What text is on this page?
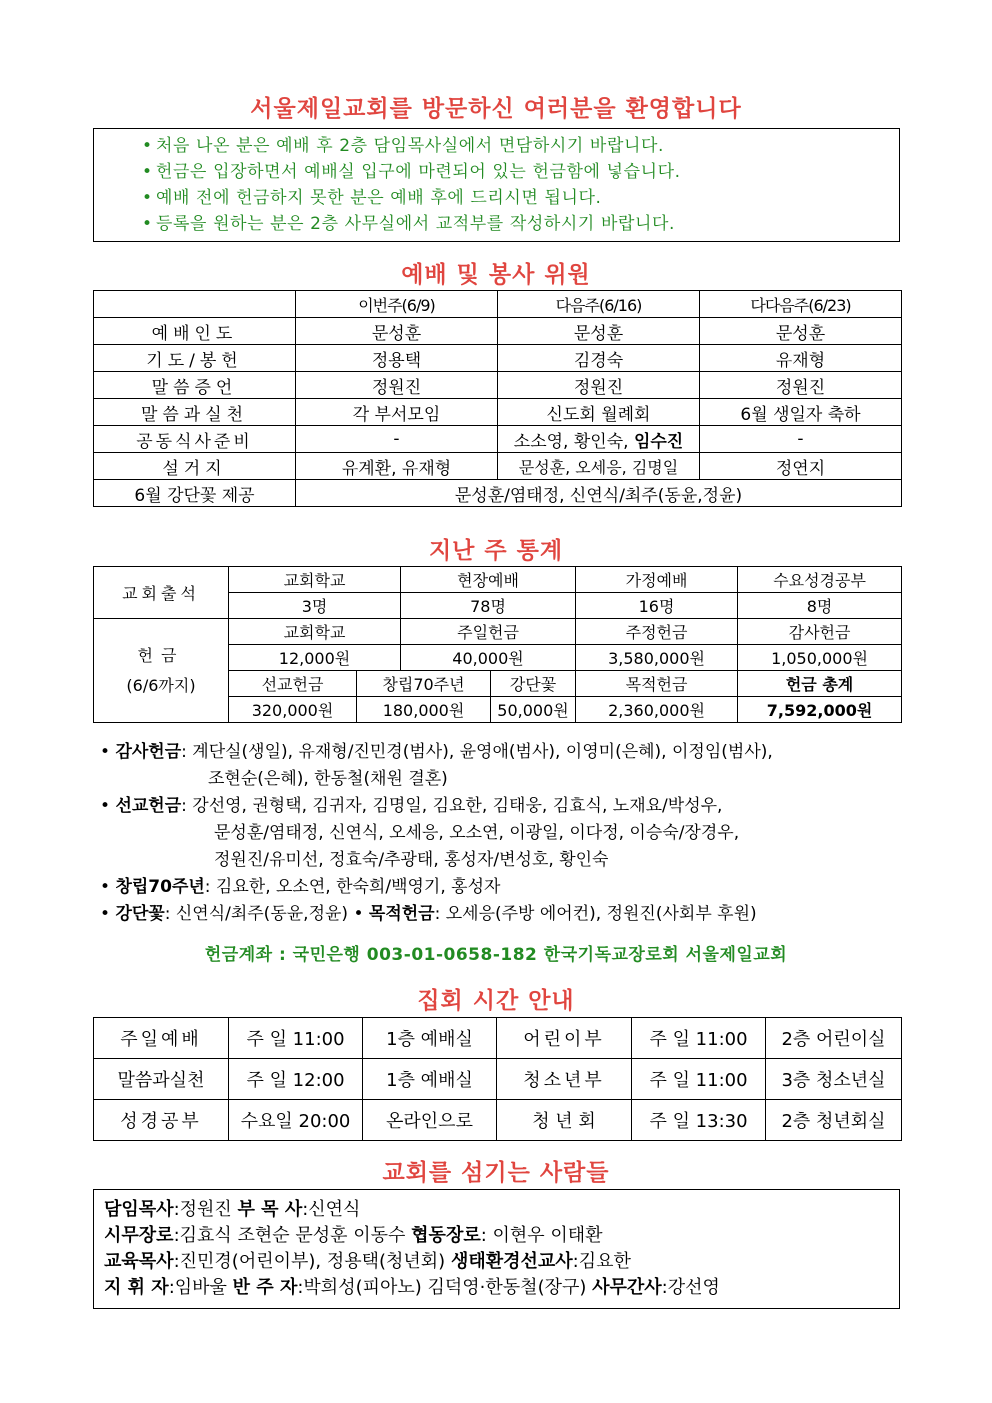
서울제일교회를 방문하신 여러분을 환영합니다
• 처음 나온 분은 예배 후 2층 담임목사실에서 면담하시기 바랍니다.
• 헌금은 입장하면서 예배실 입구에 마련되어 있는 헌금함에 넣습니다.
• 예배 전에 헌금하지 못한 분은 예배 후에 드리시면 됩니다.
• 등록을 원하는 분은 2층 사무실에서 교적부를 작성하시기 바랍니다.
예배 및 봉사 위원
	이번주(6/9)	다음주(6/16)	다다음주(6/23)
예배인도	문성훈	문성훈	문성훈
기도/봉헌	정용택	김경숙	유재형
말씀증언	정원진	정원진	정원진
말씀과실천	각 부서모임	신도회 월례회	6월 생일자 축하
공동식사준비	-	소소영, 황인숙, 임수진	-
설거지	유계환, 유재형	문성훈, 오세응, 김명일	정연지
6월 강단꽃 제공	문성훈/염태정, 신연식/최주(동윤,정윤)		
지난 주 통계
교회출석	교회학교		현장예배		가정예배	수요성경공부
	3명		78명		16명	8명

헌금
(6/6까지)	교회학교		주일헌금		주정헌금	감사헌금
	12,000원		40,000원		3,580,000원	1,050,000원
	선교헌금	창립70주년		강단꽃	목적헌금	헌금 총계
	320,000원	180,000원		50,000원	2,360,000원	7,592,000원
• 감사헌금: 계단실(생일), 유재형/진민경(범사), 윤영애(범사), 이영미(은혜), 이정임(범사),
조현순(은혜), 한동철(채원 결혼)
• 선교헌금: 강선영, 권형택, 김귀자, 김명일, 김요한, 김태웅, 김효식, 노재요/박성우,
문성훈/염태정, 신연식, 오세응, 오소연, 이광일, 이다정, 이승숙/장경우,
정원진/유미선, 정효숙/추광태, 홍성자/변성호, 황인숙
• 창립70주년: 김요한, 오소연, 한숙희/백영기, 홍성자
• 강단꽃: 신연식/최주(동윤,정윤) • 목적헌금: 오세응(주방 에어컨), 정원진(사회부 후원)
헌금계좌 : 국민은행 003-01-0658-182 한국기독교장로회 서울제일교회
집회 시간 안내
주일예배	주 일 11:00	1층 예배실	어린이부	주 일 11:00	2층 어린이실
말씀과실천	주 일 12:00	1층 예배실	청소년부	주 일 11:00	3층 청소년실
성경공부	수요일 20:00	온라인으로	청 년 회	주 일 13:30	2층 청년회실
교회를 섬기는 사람들
담임목사:정원진 부 목 사:신연식
시무장로:김효식 조현순 문성훈 이동수 협동장로: 이현우 이태환
교육목사:진민경(어린이부), 정용택(청년회) 생태환경선교사:김요한
지 휘 자:임바울 반 주 자:박희성(피아노) 김덕영·한동철(장구) 사무간사:강선영
